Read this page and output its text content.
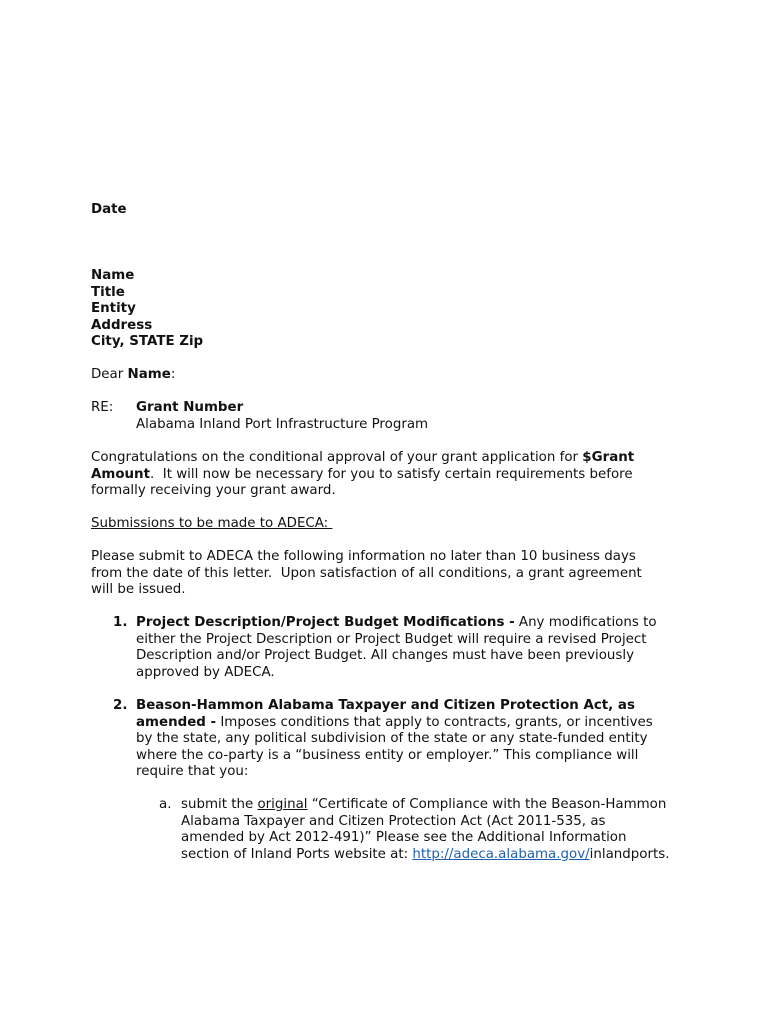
Date
Name
Title
Entity
Address
City, STATE Zip
Dear Name:
RE: Grant Number
Alabama Inland Port Infrastructure Program
Congratulations on the conditional approval of your grant application for $Grant
Amount.  It will now be necessary for you to satisfy certain requirements before
formally receiving your grant award.
Submissions to be made to ADECA:
Please submit to ADECA the following information no later than 10 business days
from the date of this letter.  Upon satisfaction of all conditions, a grant agreement
will be issued.
1. Project Description/Project Budget Modifications - Any modifications to
either the Project Description or Project Budget will require a revised Project
Description and/or Project Budget. All changes must have been previously
approved by ADECA.
2. Beason-Hammon Alabama Taxpayer and Citizen Protection Act, as
amended - Imposes conditions that apply to contracts, grants, or incentives
by the state, any political subdivision of the state or any state-funded entity
where the co-party is a “business entity or employer.” This compliance will
require that you:
a. submit the original “Certificate of Compliance with the Beason-Hammon
Alabama Taxpayer and Citizen Protection Act (Act 2011-535, as
amended by Act 2012-491)” Please see the Additional Information
section of Inland Ports website at: http://adeca.alabama.gov/inlandports.
